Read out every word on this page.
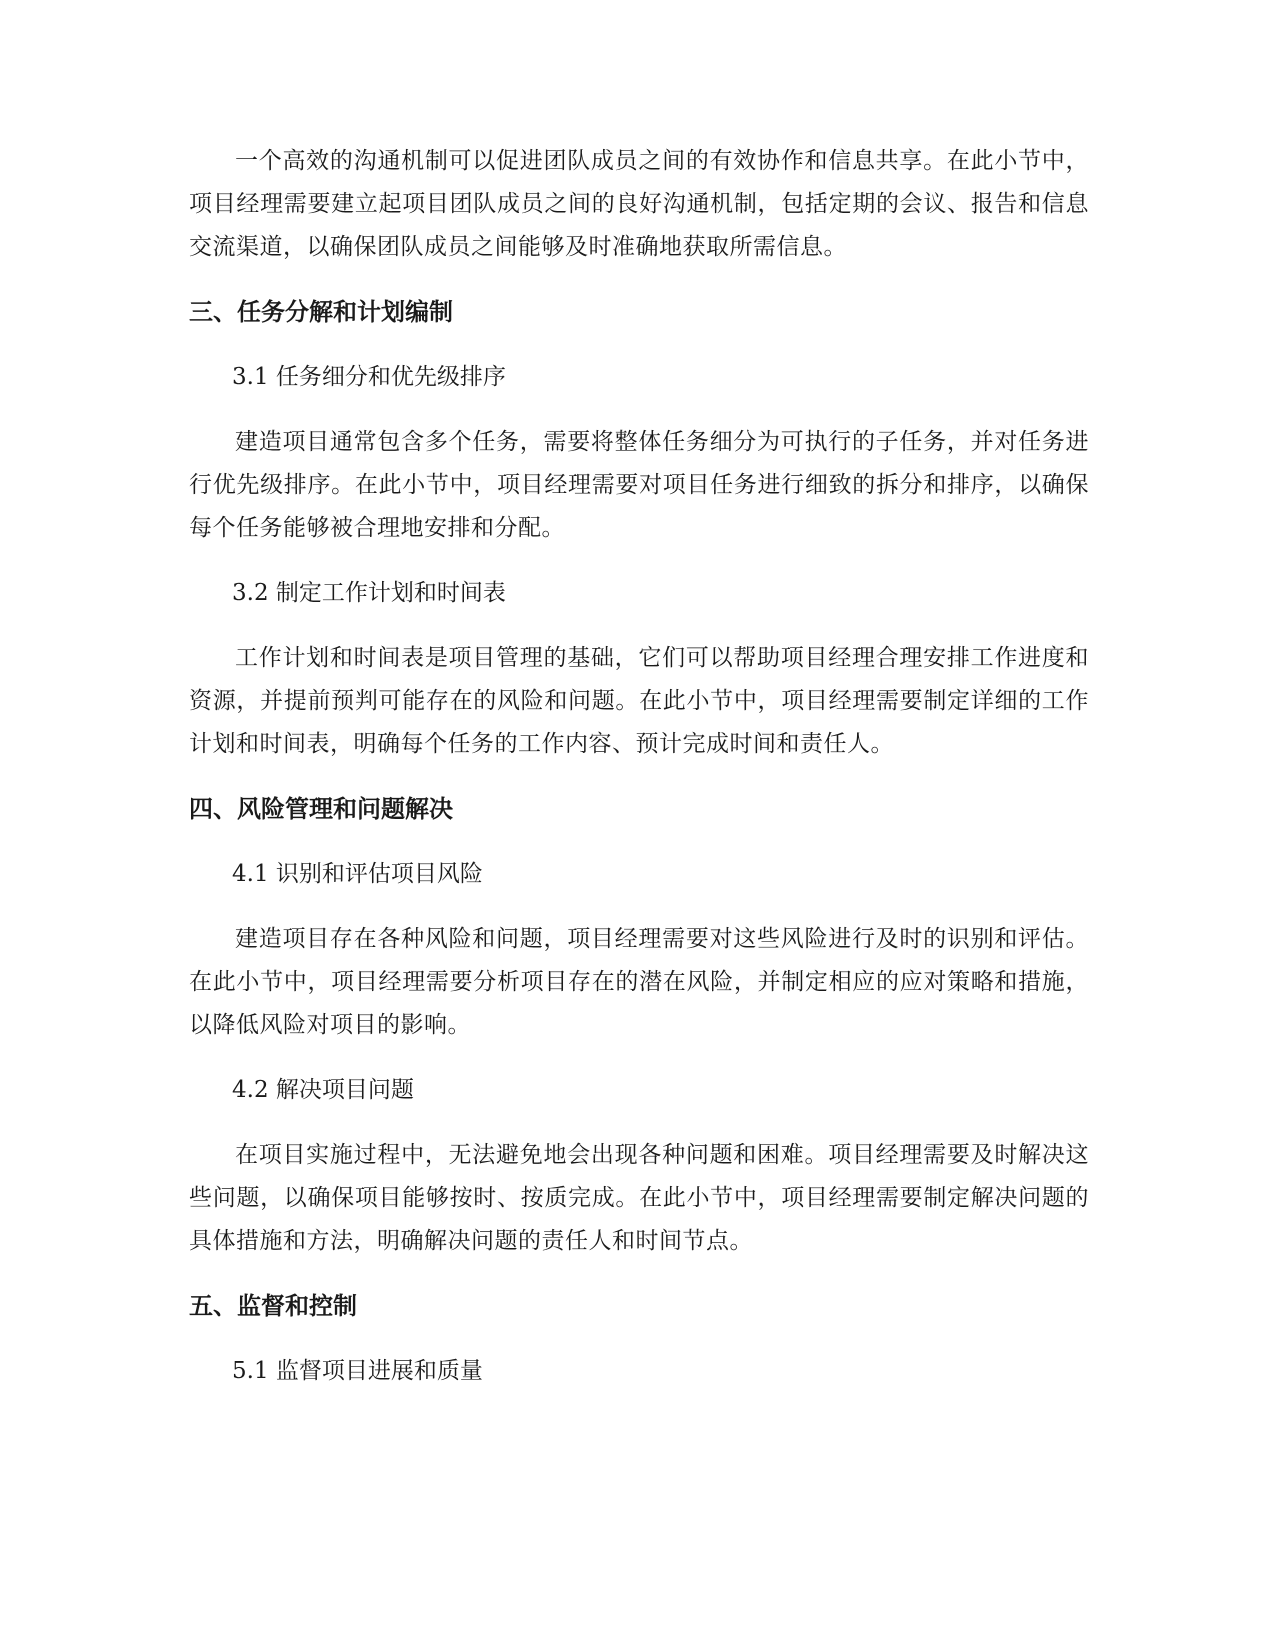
一个高效的沟通机制可以促进团队成员之间的有效协作和信息共享。在此小节中，项目经理需要建立起项目团队成员之间的良好沟通机制，包括定期的会议、报告和信息交流渠道，以确保团队成员之间能够及时准确地获取所需信息。

三、任务分解和计划编制

3.1 任务细分和优先级排序

建造项目通常包含多个任务，需要将整体任务细分为可执行的子任务，并对任务进行优先级排序。在此小节中，项目经理需要对项目任务进行细致的拆分和排序，以确保每个任务能够被合理地安排和分配。

3.2 制定工作计划和时间表

工作计划和时间表是项目管理的基础，它们可以帮助项目经理合理安排工作进度和资源，并提前预判可能存在的风险和问题。在此小节中，项目经理需要制定详细的工作计划和时间表，明确每个任务的工作内容、预计完成时间和责任人。

四、风险管理和问题解决

4.1 识别和评估项目风险

建造项目存在各种风险和问题，项目经理需要对这些风险进行及时的识别和评估。在此小节中，项目经理需要分析项目存在的潜在风险，并制定相应的应对策略和措施，以降低风险对项目的影响。

4.2 解决项目问题

在项目实施过程中，无法避免地会出现各种问题和困难。项目经理需要及时解决这些问题，以确保项目能够按时、按质完成。在此小节中，项目经理需要制定解决问题的具体措施和方法，明确解决问题的责任人和时间节点。

五、监督和控制

5.1 监督项目进展和质量
